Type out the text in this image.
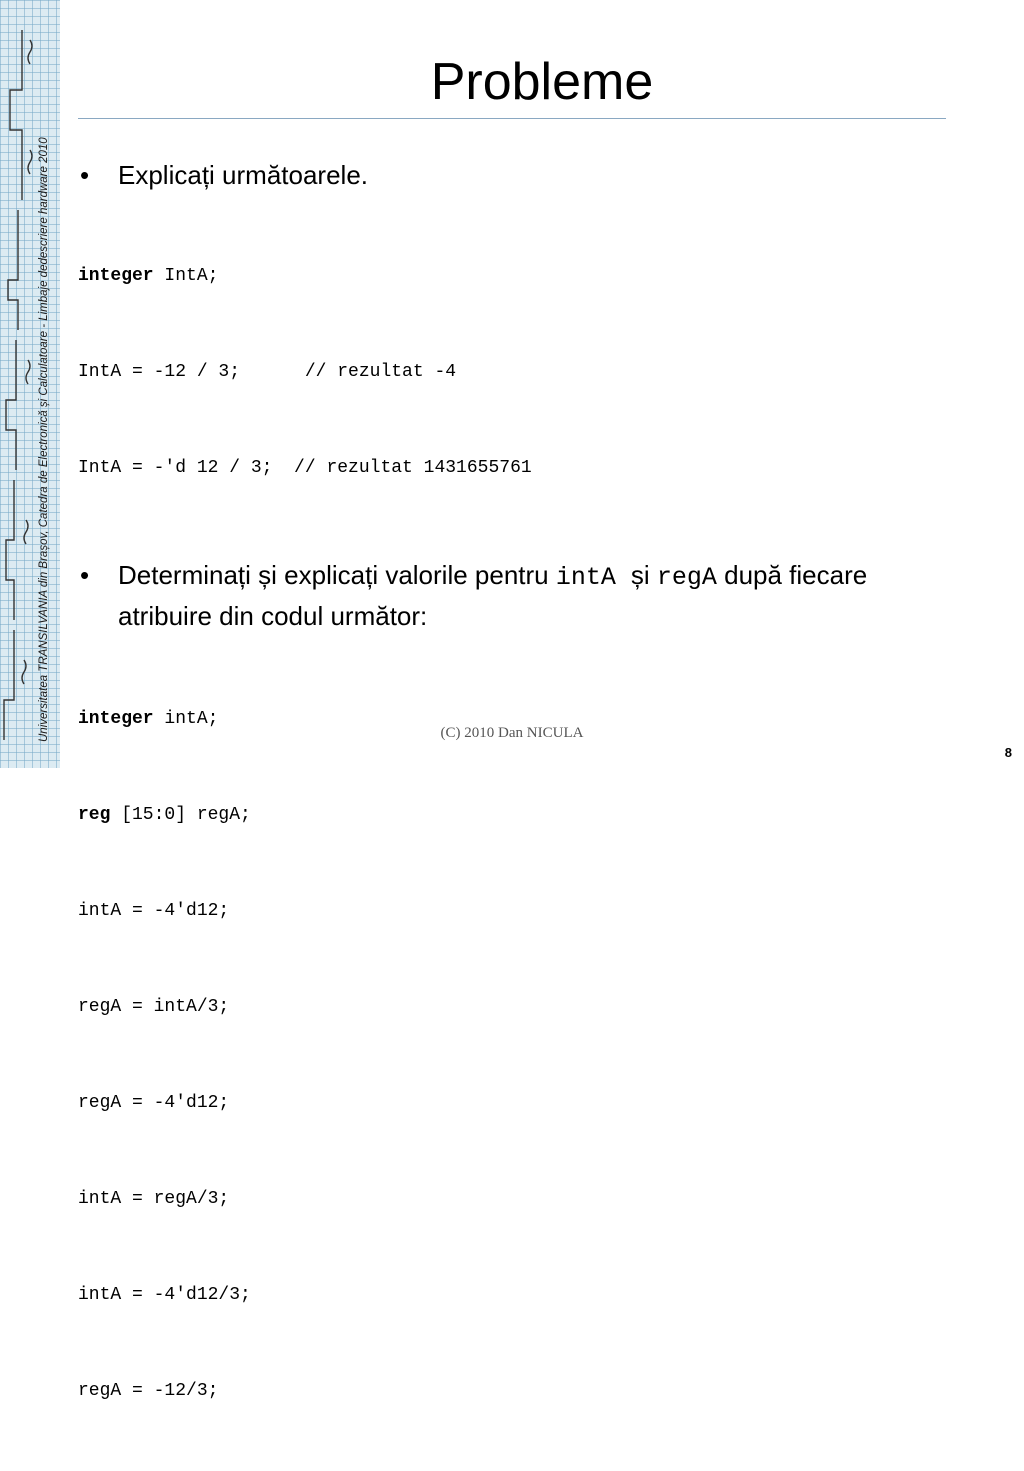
Universitatea TRANSILVANIA din Brașov, Catedra de Electronică și Calculatoare - Limbaje dedescriere hardware 2010
Probleme
• Explicați următoarele.

integer IntA;

IntA = -12 / 3;      // rezultat -4

IntA = -'d 12 / 3;  // rezultat 1431655761

• Determinați și explicați valorile pentru intA și regA după fiecare atribuire din codul următor:

integer intA;

reg [15:0] regA;

intA = -4'd12;

regA = intA/3;

regA = -4'd12;

intA = regA/3;

intA = -4'd12/3;

regA = -12/3;

(C) 2010 Dan NICULA
8
